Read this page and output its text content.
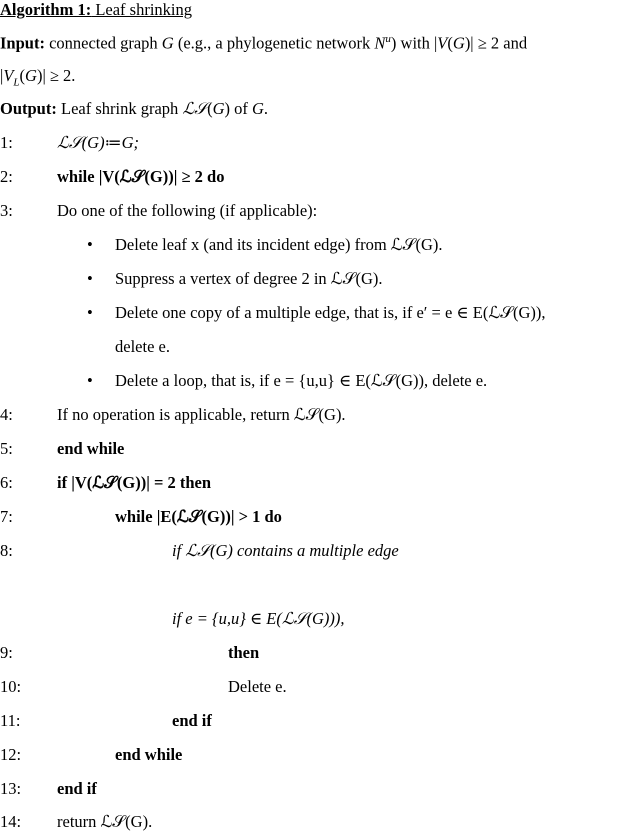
Algorithm 1: Leaf shrinking
Input: connected graph G (e.g., a phylogenetic network $N^u$) with |V(G)| ≥ 2 and
$|V_L(G)| \ge 2$.
Output: Leaf shrink graph ℒ𝒮(G) of G.
1:	ℒ𝒮(G)≔G;
2:	while |V(ℒ𝒮(G))| ≥ 2 do
3:	Do one of the following (if applicable):
• Delete leaf x (and its incident edge) from ℒ𝒮(G).
• Suppress a vertex of degree 2 in ℒ𝒮(G).
• Delete one copy of a multiple edge, that is, if e′ = e ∈ E(ℒ𝒮(G)),
delete e.
• Delete a loop, that is, if e = {u,u} ∈ E(ℒ𝒮(G)), delete e.
4:	If no operation is applicable, return ℒ𝒮(G).
5:	end while
6:	if |V(ℒ𝒮(G))| = 2 then
7:	while |E(ℒ𝒮(G))| > 1 do
8:	if ℒ𝒮(G) contains a multiple edge
if e = {u,u} ∈ E(ℒ𝒮(G))),
9:	then
10:	Delete e.
11:	end if
12:	end while
13: end if
14: return ℒ𝒮(G).
